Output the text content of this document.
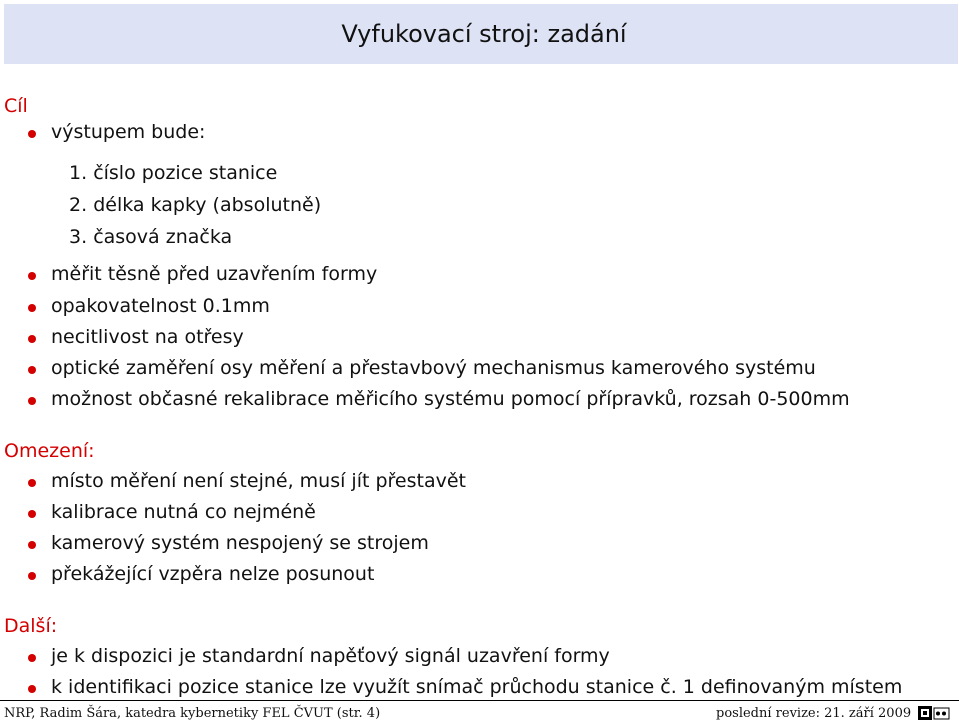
Vyfukovací stroj: zadání
Cíl
výstupem bude:
1. číslo pozice stanice
2. délka kapky (absolutně)
3. časová značka
měřit těsně před uzavřením formy
opakovatelnost 0.1mm
necitlivost na otřesy
optické zaměření osy měření a přestavbový mechanismus kamerového systému
možnost občasné rekalibrace měřicího systému pomocí přípravků, rozsah 0-500mm
Omezení:
místo měření není stejné, musí jít přestavět
kalibrace nutná co nejméně
kamerový systém nespojený se strojem
překážející vzpěra nelze posunout
Další:
je k dispozici je standardní napěťový signál uzavření formy
k identifikaci pozice stanice lze využít snímač průchodu stanice č. 1 definovaným místem
NRP, Radim Šára, katedra kybernetiky FEL ČVUT (str. 4)	poslední revize: 21. září 2009
